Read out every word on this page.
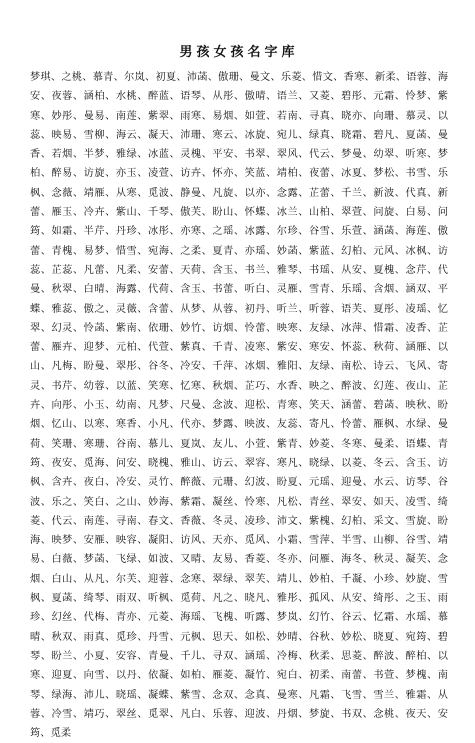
男孩女孩名字库

梦琪、之桃、慕青、尔岚、初夏、沛菡、傲珊、曼文、乐菱、惜文、香寒、新柔、语蓉、海安、夜蓉、涵柏、水桃、醉蓝、语琴、从彤、傲晴、语兰、又菱、碧彤、元霜、怜梦、紫寒、妙彤、曼易、南莲、紫翠、雨寒、易烟、如萱、若南、寻真、晓亦、向珊、慕灵、以蕊、映易、雪柳、海云、凝天、沛珊、寒云、冰旋、宛儿、绿真、晓霜、碧凡、夏菡、曼香、若烟、半梦、雅绿、冰蓝、灵槐、平安、书翠、翠风、代云、梦曼、幼翠、听寒、梦柏、醉易、访旋、亦玉、凌萱、访卉、怀亦、笑蓝、靖柏、夜蕾、冰夏、梦松、书雪、乐枫、念薇、靖雁、从寒、觅波、静曼、凡旋、以亦、念露、芷蕾、千兰、新波、代真、新蕾、雁玉、冷卉、紫山、千琴、傲芙、盼山、怀蝶、冰兰、山柏、翠萱、问旋、白易、问筠、如霜、半芹、丹珍、冰彤、亦寒、之瑶、冰露、尔珍、谷雪、乐萱、涵菡、海莲、傲蕾、青槐、易梦、惜雪、宛海、之柔、夏青、亦瑶、妙菡、紫蓝、幻柏、元风、冰枫、访蕊、芷蕊、凡蕾、凡柔、安蕾、天荷、含玉、书兰、雅琴、书瑶、从安、夏槐、念芹、代曼、秋翠、白晴、海露、代荷、含玉、书蕾、听白、灵雁、雪青、乐瑶、含烟、涵双、平蝶、雅蕊、傲之、灵薇、含蕾、从梦、从蓉、初丹、听兰、听蓉、语芙、夏彤、凌瑶、忆翠、幻灵、怜菡、紫南、依珊、妙竹、访烟、怜蕾、映寒、友绿、冰萍、惜霜、凌香、芷蕾、雁卉、迎梦、元柏、代萱、紫真、千青、凌寒、紫安、寒安、怀蕊、秋荷、涵雁、以山、凡梅、盼曼、翠彤、谷冬、冷安、千萍、冰烟、雅阳、友绿、南松、诗云、飞风、寄灵、书芹、幼蓉、以蓝、笑寒、忆寒、秋烟、芷巧、水香、映之、醉波、幻莲、夜山、芷卉、向彤、小玉、幼南、凡梦、尺曼、念波、迎松、青寒、笑天、涵蕾、碧菡、映秋、盼烟、忆山、以寒、寒香、小凡、代亦、梦露、映波、友蕊、寄凡、怜蕾、雁枫、水绿、曼荷、笑珊、寒珊、谷南、慕儿、夏岚、友儿、小萱、紫青、妙菱、冬寒、曼柔、语蝶、青筠、夜安、觅海、问安、晓槐、雅山、访云、翠容、寒凡、晓绿、以菱、冬云、含玉、访枫、含卉、夜白、冷安、灵竹、醉薇、元珊、幻波、盼夏、元瑶、迎曼、水云、访琴、谷波、乐之、笑白、之山、妙海、紫霜、凝丝、怜寒、凡松、青丝、翠安、如天、凌雪、绮菱、代云、南莲、寻南、春文、香薇、冬灵、凌珍、沛文、紫槐、幻柏、采文、雪旋、盼海、映梦、安雁、映容、凝阳、访风、天亦、觅风、小霜、雪萍、半雪、山柳、谷雪、靖易、白薇、梦菡、飞绿、如波、又晴、友易、香菱、冬亦、问雁、海冬、秋灵、凝芙、念烟、白山、从凡、尔芙、迎蓉、念寒、翠绿、翠芙、靖儿、妙柏、千凝、小珍、妙旋、雪枫、夏菡、绮琴、雨双、听枫、觅荷、凡之、晓凡、雅彤、孤风、从安、绮彤、之玉、雨珍、幻丝、代梅、青亦、元菱、海瑶、飞槐、听露、梦岚、幻竹、谷云、忆霜、水瑶、慕晴、秋双、雨真、觅珍、丹雪、元枫、思天、如松、妙晴、谷秋、妙松、晓夏、宛筠、碧琴、盼兰、小夏、安容、青曼、千儿、寻双、涵瑶、冷梅、秋柔、思菱、醉波、醉柏、以寒、迎夏、向雪、以丹、依凝、如柏、雁菱、凝竹、宛白、初柔、南蕾、书萱、梦槐、南琴、绿海、沛儿、晓瑶、凝蝶、紫雪、念双、念真、曼寒、凡霜、飞雪、雪兰、雅霜、从蓉、冷雪、靖巧、翠丝、觅翠、凡白、乐蓉、迎波、丹烟、梦旋、书双、念桃、夜天、安筠、觅柔
